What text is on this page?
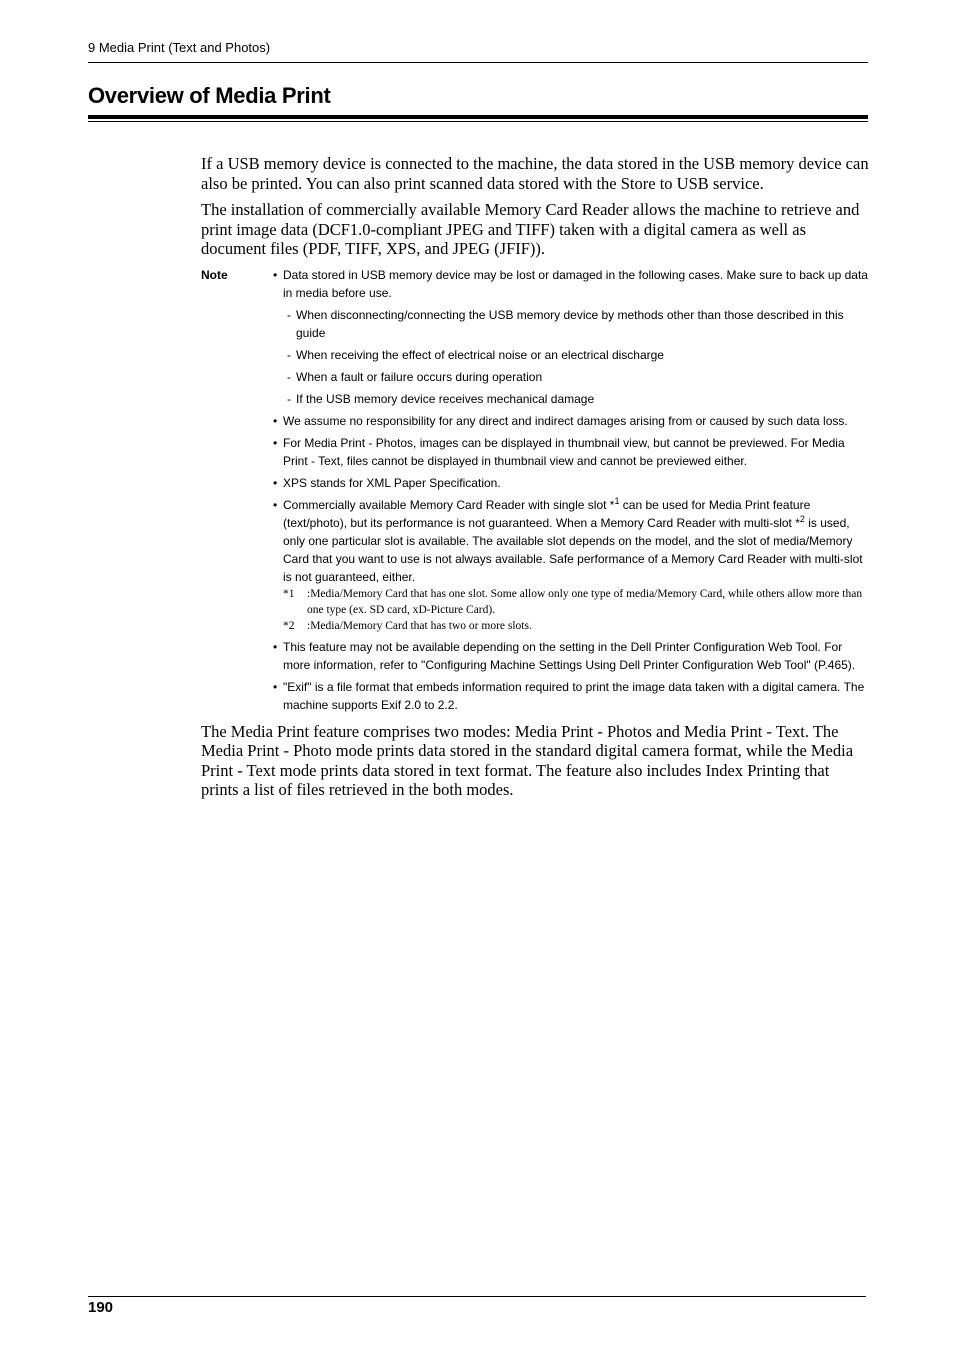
9 Media Print (Text and Photos)
Overview of Media Print

If a USB memory device is connected to the machine, the data stored in the USB memory device can also be printed. You can also print scanned data stored with the Store to USB service.

The installation of commercially available Memory Card Reader allows the machine to retrieve and print image data (DCF1.0-compliant JPEG and TIFF) taken with a digital camera as well as document files (PDF, TIFF, XPS, and JPEG (JFIF)).

Note	• Data stored in USB memory device may be lost or damaged in the following cases. Make sure to back up data in media before use.
- When disconnecting/connecting the USB memory device by methods other than those described in this guide
- When receiving the effect of electrical noise or an electrical discharge
- When a fault or failure occurs during operation
- If the USB memory device receives mechanical damage
• We assume no responsibility for any direct and indirect damages arising from or caused by such data loss.
• For Media Print - Photos, images can be displayed in thumbnail view, but cannot be previewed. For Media Print - Text, files cannot be displayed in thumbnail view and cannot be previewed either.
• XPS stands for XML Paper Specification.
• Commercially available Memory Card Reader with single slot *$^1$ can be used for Media Print feature (text/photo), but its performance is not guaranteed. When a Memory Card Reader with multi-slot *$^2$ is used, only one particular slot is available. The available slot depends on the model, and the slot of media/Memory Card that you want to use is not always available. Safe performance of a Memory Card Reader with multi-slot is not guaranteed, either.
*1 :Media/Memory Card that has one slot. Some allow only one type of media/Memory Card, while others allow more than one type (ex. SD card, xD-Picture Card).
*2 :Media/Memory Card that has two or more slots.
• This feature may not be available depending on the setting in the Dell Printer Configuration Web Tool. For more information, refer to "Configuring Machine Settings Using Dell Printer Configuration Web Tool" (P.465).
• "Exif" is a file format that embeds information required to print the image data taken with a digital camera. The machine supports Exif 2.0 to 2.2.

The Media Print feature comprises two modes: Media Print - Photos and Media Print - Text. The Media Print - Photo mode prints data stored in the standard digital camera format, while the Media Print - Text mode prints data stored in text format. The feature also includes Index Printing that prints a list of files retrieved in the both modes.

190
